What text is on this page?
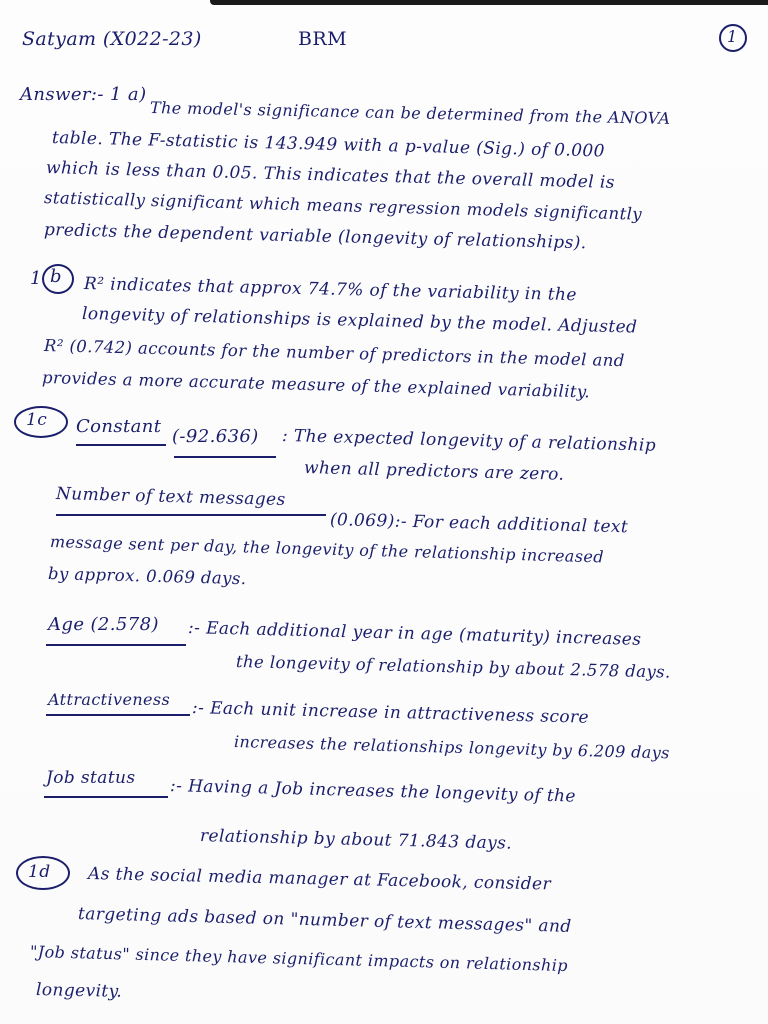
Satyam (X022-23)	BRM	1
Answer:- 1 a)
The model's significance can be determined from the ANOVA
table. The F-statistic is 143.949 with a p-value (Sig.) of 0.000
which is less than 0.05. This indicates that the overall model is
statistically significant which means regression models significantly
predicts the dependent variable (longevity of relationships).
1 b R² indicates that approx 74.7% of the variability in the
longevity of relationships is explained by the model. Adjusted
R² (0.742) accounts for the number of predictors in the model and
provides a more accurate measure of the explained variability.
1c Constant (-92.636) : The expected longevity of a relationship
when all predictors are zero.
Number of text messages
(0.069):- For each additional text
message sent per day, the longevity of the relationship increased
by approx. 0.069 days.
Age (2.578) :- Each additional year in age (maturity) increases
the longevity of relationship by about 2.578 days.
Attractiveness :- Each unit increase in attractiveness score
increases the relationships longevity by 6.209 days
Job status :- Having a Job increases the longevity of the
relationship by about 71.843 days.
1d As the social media manager at Facebook, consider
targeting ads based on "number of text messages" and
"Job status" since they have significant impacts on relationship
longevity.
